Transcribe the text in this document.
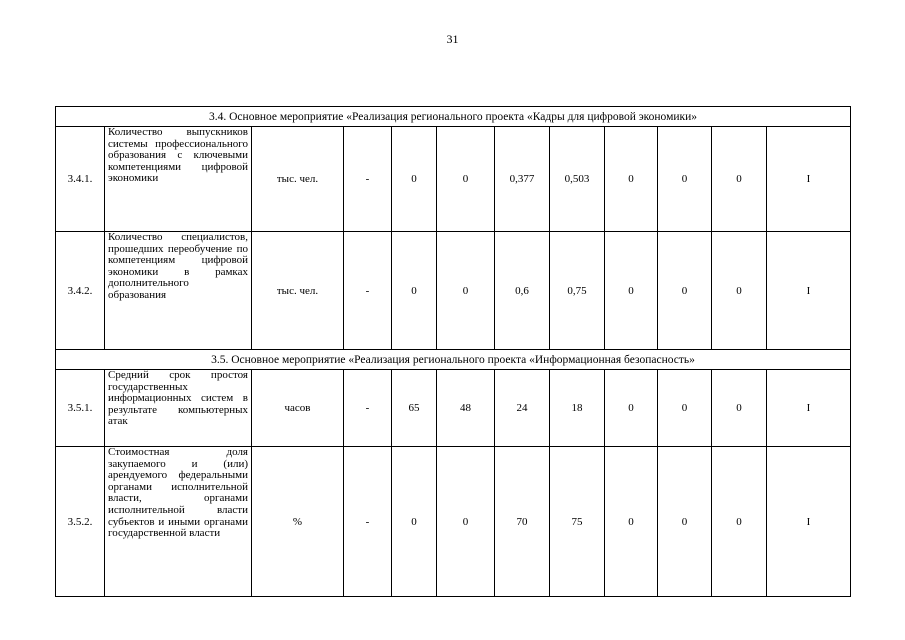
31
3.4. Основное мероприятие «Реализация регионального проекта «Кадры для цифровой экономики»											
3.4.1.	Количество выпускников системы профессионального образования с ключевыми компетенциями цифровой экономики	тыс. чел.	-	0	0	0,377	0,503	0	0	0	I
3.4.2.	Количество специалистов, прошедших переобучение по компетенциям цифровой экономики в рамках дополнительного образования	тыс. чел.	-	0	0	0,6	0,75	0	0	0	I
3.5. Основное мероприятие «Реализация регионального проекта «Информационная безопасность»											
3.5.1.	Средний срок простоя государственных информационных систем в результате компьютерных атак	часов	-	65	48	24	18	0	0	0	I
3.5.2.	Стоимостная доля закупаемого и (или) арендуемого федеральными органами исполнительной власти, органами исполнительной власти субъектов и иными органами государственной власти	%	-	0	0	70	75	0	0	0	I
